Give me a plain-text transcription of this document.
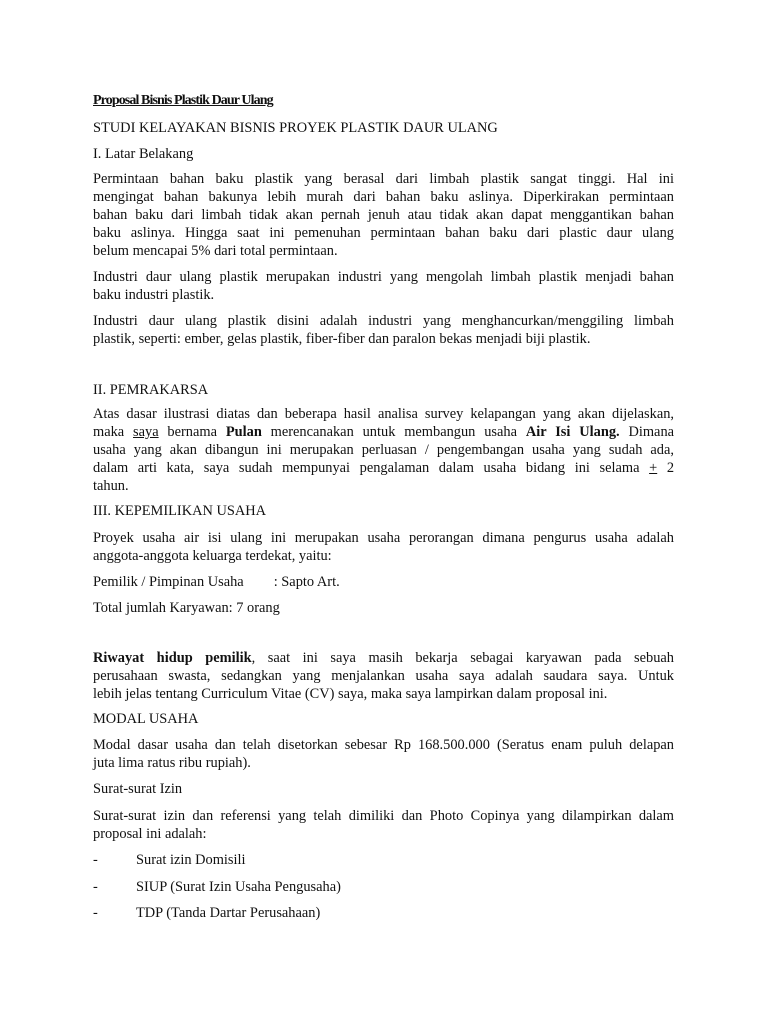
Proposal Bisnis Plastik Daur Ulang
STUDI KELAYAKAN BISNIS PROYEK PLASTIK DAUR ULANG
I. Latar Belakang
Permintaan bahan baku plastik yang berasal dari limbah plastik sangat tinggi. Hal ini
mengingat bahan bakunya lebih murah dari bahan baku aslinya. Diperkirakan permintaan
bahan baku dari limbah tidak akan pernah jenuh atau tidak akan dapat menggantikan bahan
baku aslinya. Hingga saat ini pemenuhan permintaan bahan baku dari plastic daur ulang
belum mencapai 5% dari total permintaan.
Industri daur ulang plastik merupakan industri yang mengolah limbah plastik menjadi bahan
baku industri plastik.
Industri daur ulang plastik disini adalah industri yang menghancurkan/menggiling limbah
plastik, seperti: ember, gelas plastik, fiber-fiber dan paralon bekas menjadi biji plastik.
II. PEMRAKARSA
Atas dasar ilustrasi diatas dan beberapa hasil analisa survey kelapangan yang akan dijelaskan,
maka saya bernama Pulan merencanakan untuk membangun usaha Air Isi Ulang. Dimana
usaha yang akan dibangun ini merupakan perluasan / pengembangan usaha yang sudah ada,
dalam arti kata, saya sudah mempunyai pengalaman dalam usaha bidang ini selama + 2
tahun.
III. KEPEMILIKAN USAHA
Proyek usaha air isi ulang ini merupakan usaha perorangan dimana pengurus usaha adalah
anggota-anggota keluarga terdekat, yaitu:
Pemilik / Pimpinan Usaha : Sapto Art.
Total jumlah Karyawan: 7 orang
Riwayat hidup pemilik, saat ini saya masih bekarja sebagai karyawan pada sebuah
perusahaan swasta, sedangkan yang menjalankan usaha saya adalah saudara saya. Untuk
lebih jelas tentang Curriculum Vitae (CV) saya, maka saya lampirkan dalam proposal ini.
MODAL USAHA
Modal dasar usaha dan telah disetorkan sebesar Rp 168.500.000 (Seratus enam puluh delapan
juta lima ratus ribu rupiah).
Surat-surat Izin
Surat-surat izin dan referensi yang telah dimiliki dan Photo Copinya yang dilampirkan dalam
proposal ini adalah:
-	Surat izin Domisili
-	SIUP (Surat Izin Usaha Pengusaha)
-	TDP (Tanda Dartar Perusahaan)
